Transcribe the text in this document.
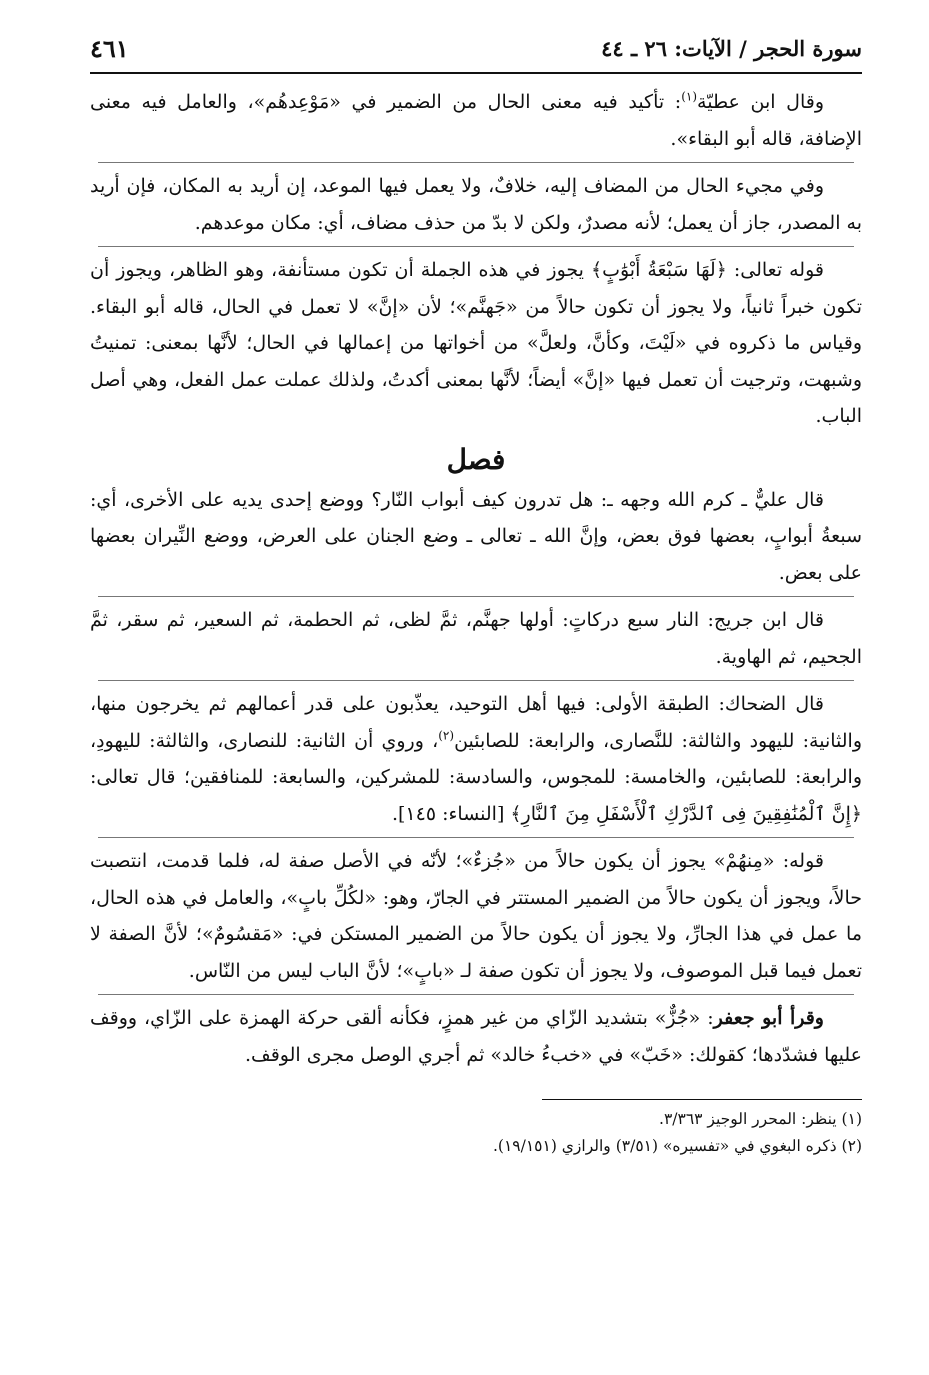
سورة الحجر / الآيات: ٢٦ ـ ٤٤
٤٦١

وقال ابن عطيّة$^{(١)}$: تأكيد فيه معنى الحال من الضمير في «مَوْعِدهُم»، والعامل فيه معنى الإضافة، قاله أبو البقاء».

وفي مجيء الحال من المضاف إليه، خلافٌ، ولا يعمل فيها الموعد، إن أريد به المكان، فإن أريد به المصدر، جاز أن يعمل؛ لأنه مصدرٌ، ولكن لا بدّ من حذف مضاف، أي: مكان موعدهم.

قوله تعالى: ﴿لَهَا سَبْعَةُ أَبْوَٰبٍ﴾ يجوز في هذه الجملة أن تكون مستأنفة، وهو الظاهر، ويجوز أن تكون خبراً ثانياً، ولا يجوز أن تكون حالاً من «جَهنَّم»؛ لأن «إنَّ» لا تعمل في الحال، قاله أبو البقاء. وقياس ما ذكروه في «لَيْتَ، وكأنَّ، ولعلَّ» من أخواتها من إعمالها في الحال؛ لأنَّها بمعنى: تمنيتُ وشبهت، وترجيت أن تعمل فيها «إنَّ» أيضاً؛ لأنَّها بمعنى أكدتُ، ولذلك عملت عمل الفعل، وهي أصل الباب.

فصل

قال عليٌّ ـ كرم الله وجهه ـ: هل تدرون كيف أبواب النّار؟ ووضع إحدى يديه على الأخرى، أي: سبعةُ أبوابٍ، بعضها فوق بعض، وإنَّ الله ـ تعالى ـ وضع الجنان على العرض، ووضع النِّيران بعضها على بعض.

قال ابن جريج: النار سبع دركاتٍ: أولها جهنَّم، ثمَّ لظى، ثم الحطمة، ثم السعير، ثم سقر، ثمَّ الجحيم، ثم الهاوية.

قال الضحاك: الطبقة الأولى: فيها أهل التوحيد، يعذّبون على قدر أعمالهم ثم يخرجون منها، والثانية: لليهود والثالثة: للنَّصارى، والرابعة: للصابئين$^{(٢)}$، وروي أن الثانية: للنصارى، والثالثة: لليهودِ، والرابعة: للصابئين، والخامسة: للمجوس، والسادسة: للمشركين، والسابعة: للمنافقين؛ قال تعالى: ﴿إِنَّ ٱلْمُنَٰفِقِينَ فِى ٱلدَّرْكِ ٱلْأَسْفَلِ مِنَ ٱلنَّارِ﴾ [النساء: ١٤٥].

قوله: «مِنهُمْ» يجوز أن يكون حالاً من «جُزءٌ»؛ لأنّه في الأصل صفة له، فلما قدمت، انتصبت حالاً، ويجوز أن يكون حالاً من الضمير المستتر في الجارّ، وهو: «لكُلِّ بابٍ»، والعامل في هذه الحال، ما عمل في هذا الجارِّ، ولا يجوز أن يكون حالاً من الضمير المستكن في: «مَقسُومٌ»؛ لأنَّ الصفة لا تعمل فيما قبل الموصوف، ولا يجوز أن تكون صفة لـ «بابٍ»؛ لأنَّ الباب ليس من النّاس.

وقرأ أبو جعفر: «جُزٌّ» بتشديد الزّاي من غير همزٍ، فكأنه ألقى حركة الهمزة على الزّاي، ووقف عليها فشدّدها؛ كقولك: «خَبّ» في «خبءُ خالد» ثم أجري الوصل مجرى الوقف.

(١) ينظر: المحرر الوجيز ٣/٣٦٣.

(٢) ذكره البغوي في «تفسيره» (٣/٥١) والرازي (١٩/١٥١).
